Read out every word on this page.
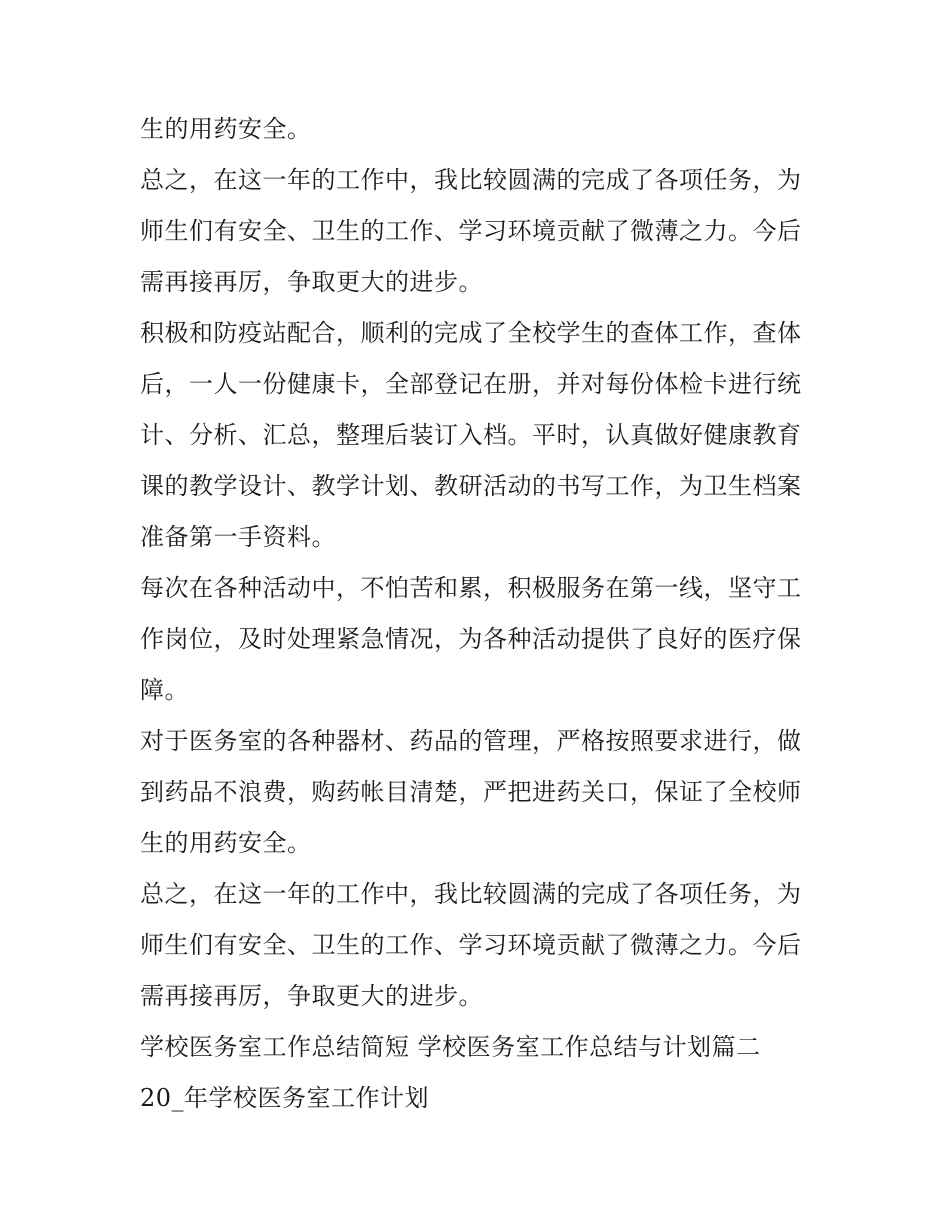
生的用药安全。
总之，在这一年的工作中，我比较圆满的完成了各项任务，为
师生们有安全、卫生的工作、学习环境贡献了微薄之力。今后
需再接再厉，争取更大的进步。
积极和防疫站配合，顺利的完成了全校学生的查体工作，查体
后，一人一份健康卡，全部登记在册，并对每份体检卡进行统
计、分析、汇总，整理后装订入档。平时，认真做好健康教育
课的教学设计、教学计划、教研活动的书写工作，为卫生档案
准备第一手资料。
每次在各种活动中，不怕苦和累，积极服务在第一线，坚守工
作岗位，及时处理紧急情况，为各种活动提供了良好的医疗保
障。
对于医务室的各种器材、药品的管理，严格按照要求进行，做
到药品不浪费，购药帐目清楚，严把进药关口，保证了全校师
生的用药安全。
总之，在这一年的工作中，我比较圆满的完成了各项任务，为
师生们有安全、卫生的工作、学习环境贡献了微薄之力。今后
需再接再厉，争取更大的进步。
学校医务室工作总结简短 学校医务室工作总结与计划篇二
20_年学校医务室工作计划
